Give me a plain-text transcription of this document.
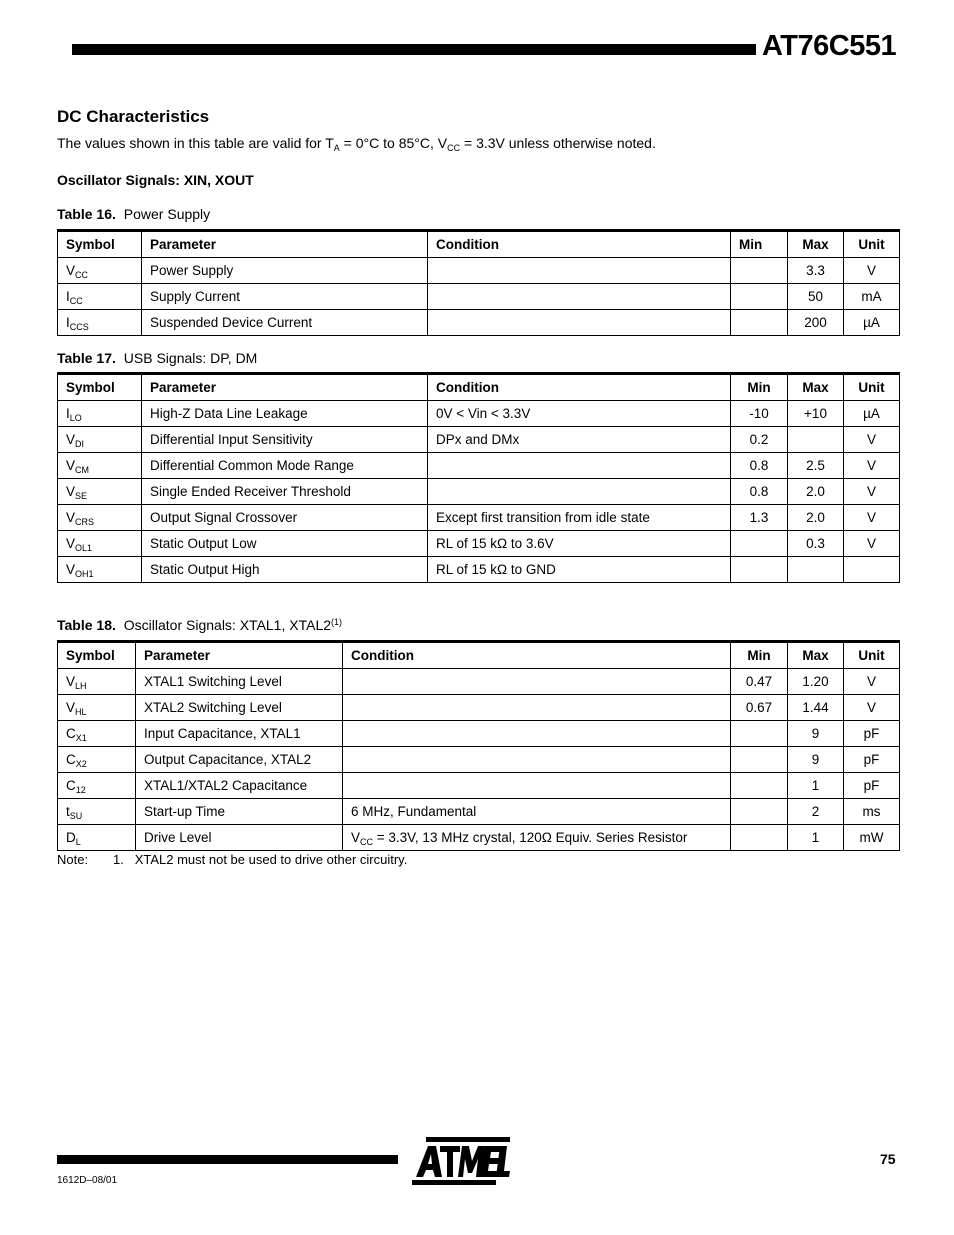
AT76C551
DC Characteristics
The values shown in this table are valid for $T_A = 0^\circ C$ to 85°C, $V_{CC} = 3.3V$ unless otherwise noted.
Oscillator Signals: XIN, XOUT
Table 16. Power Supply
Symbol	Parameter	Condition	Min	Max	Unit
$V_{CC}$	Power Supply			3.3	V
$I_{CC}$	Supply Current			50	mA
$I_{CCS}$	Suspended Device Current			200	µA
Table 17. USB Signals: DP, DM
Symbol	Parameter	Condition	Min	Max	Unit
$I_{LO}$	High-Z Data Line Leakage	0V < Vin < 3.3V	-10	+10	µA
$V_{DI}$	Differential Input Sensitivity	DPx and DMx	0.2		V
$V_{CM}$	Differential Common Mode Range		0.8	2.5	V
$V_{SE}$	Single Ended Receiver Threshold		0.8	2.0	V
$V_{CRS}$	Output Signal Crossover	Except first transition from idle state	1.3	2.0	V
$V_{OL1}$	Static Output Low	RL of 15 kΩ to 3.6V		0.3	V
$V_{OH1}$	Static Output High	RL of 15 kΩ to GND			
Table 18. Oscillator Signals: XTAL1, XTAL2$^{(1)}$
Symbol	Parameter	Condition	Min	Max	Unit
$V_{LH}$	XTAL1 Switching Level		0.47	1.20	V
$V_{HL}$	XTAL2 Switching Level		0.67	1.44	V
$C_{X1}$	Input Capacitance, XTAL1			9	pF
$C_{X2}$	Output Capacitance, XTAL2			9	pF
$C_{12}$	XTAL1/XTAL2 Capacitance			1	pF
$t_{SU}$	Start-up Time	6 MHz, Fundamental		2	ms
$D_L$	Drive Level	$V_{CC} = 3.3V$, 13 MHz crystal, 120Ω Equiv. Series Resistor		1	mW
Note: 1. XTAL2 must not be used to drive other circuitry.
ATMEL
75
1612D–08/01
